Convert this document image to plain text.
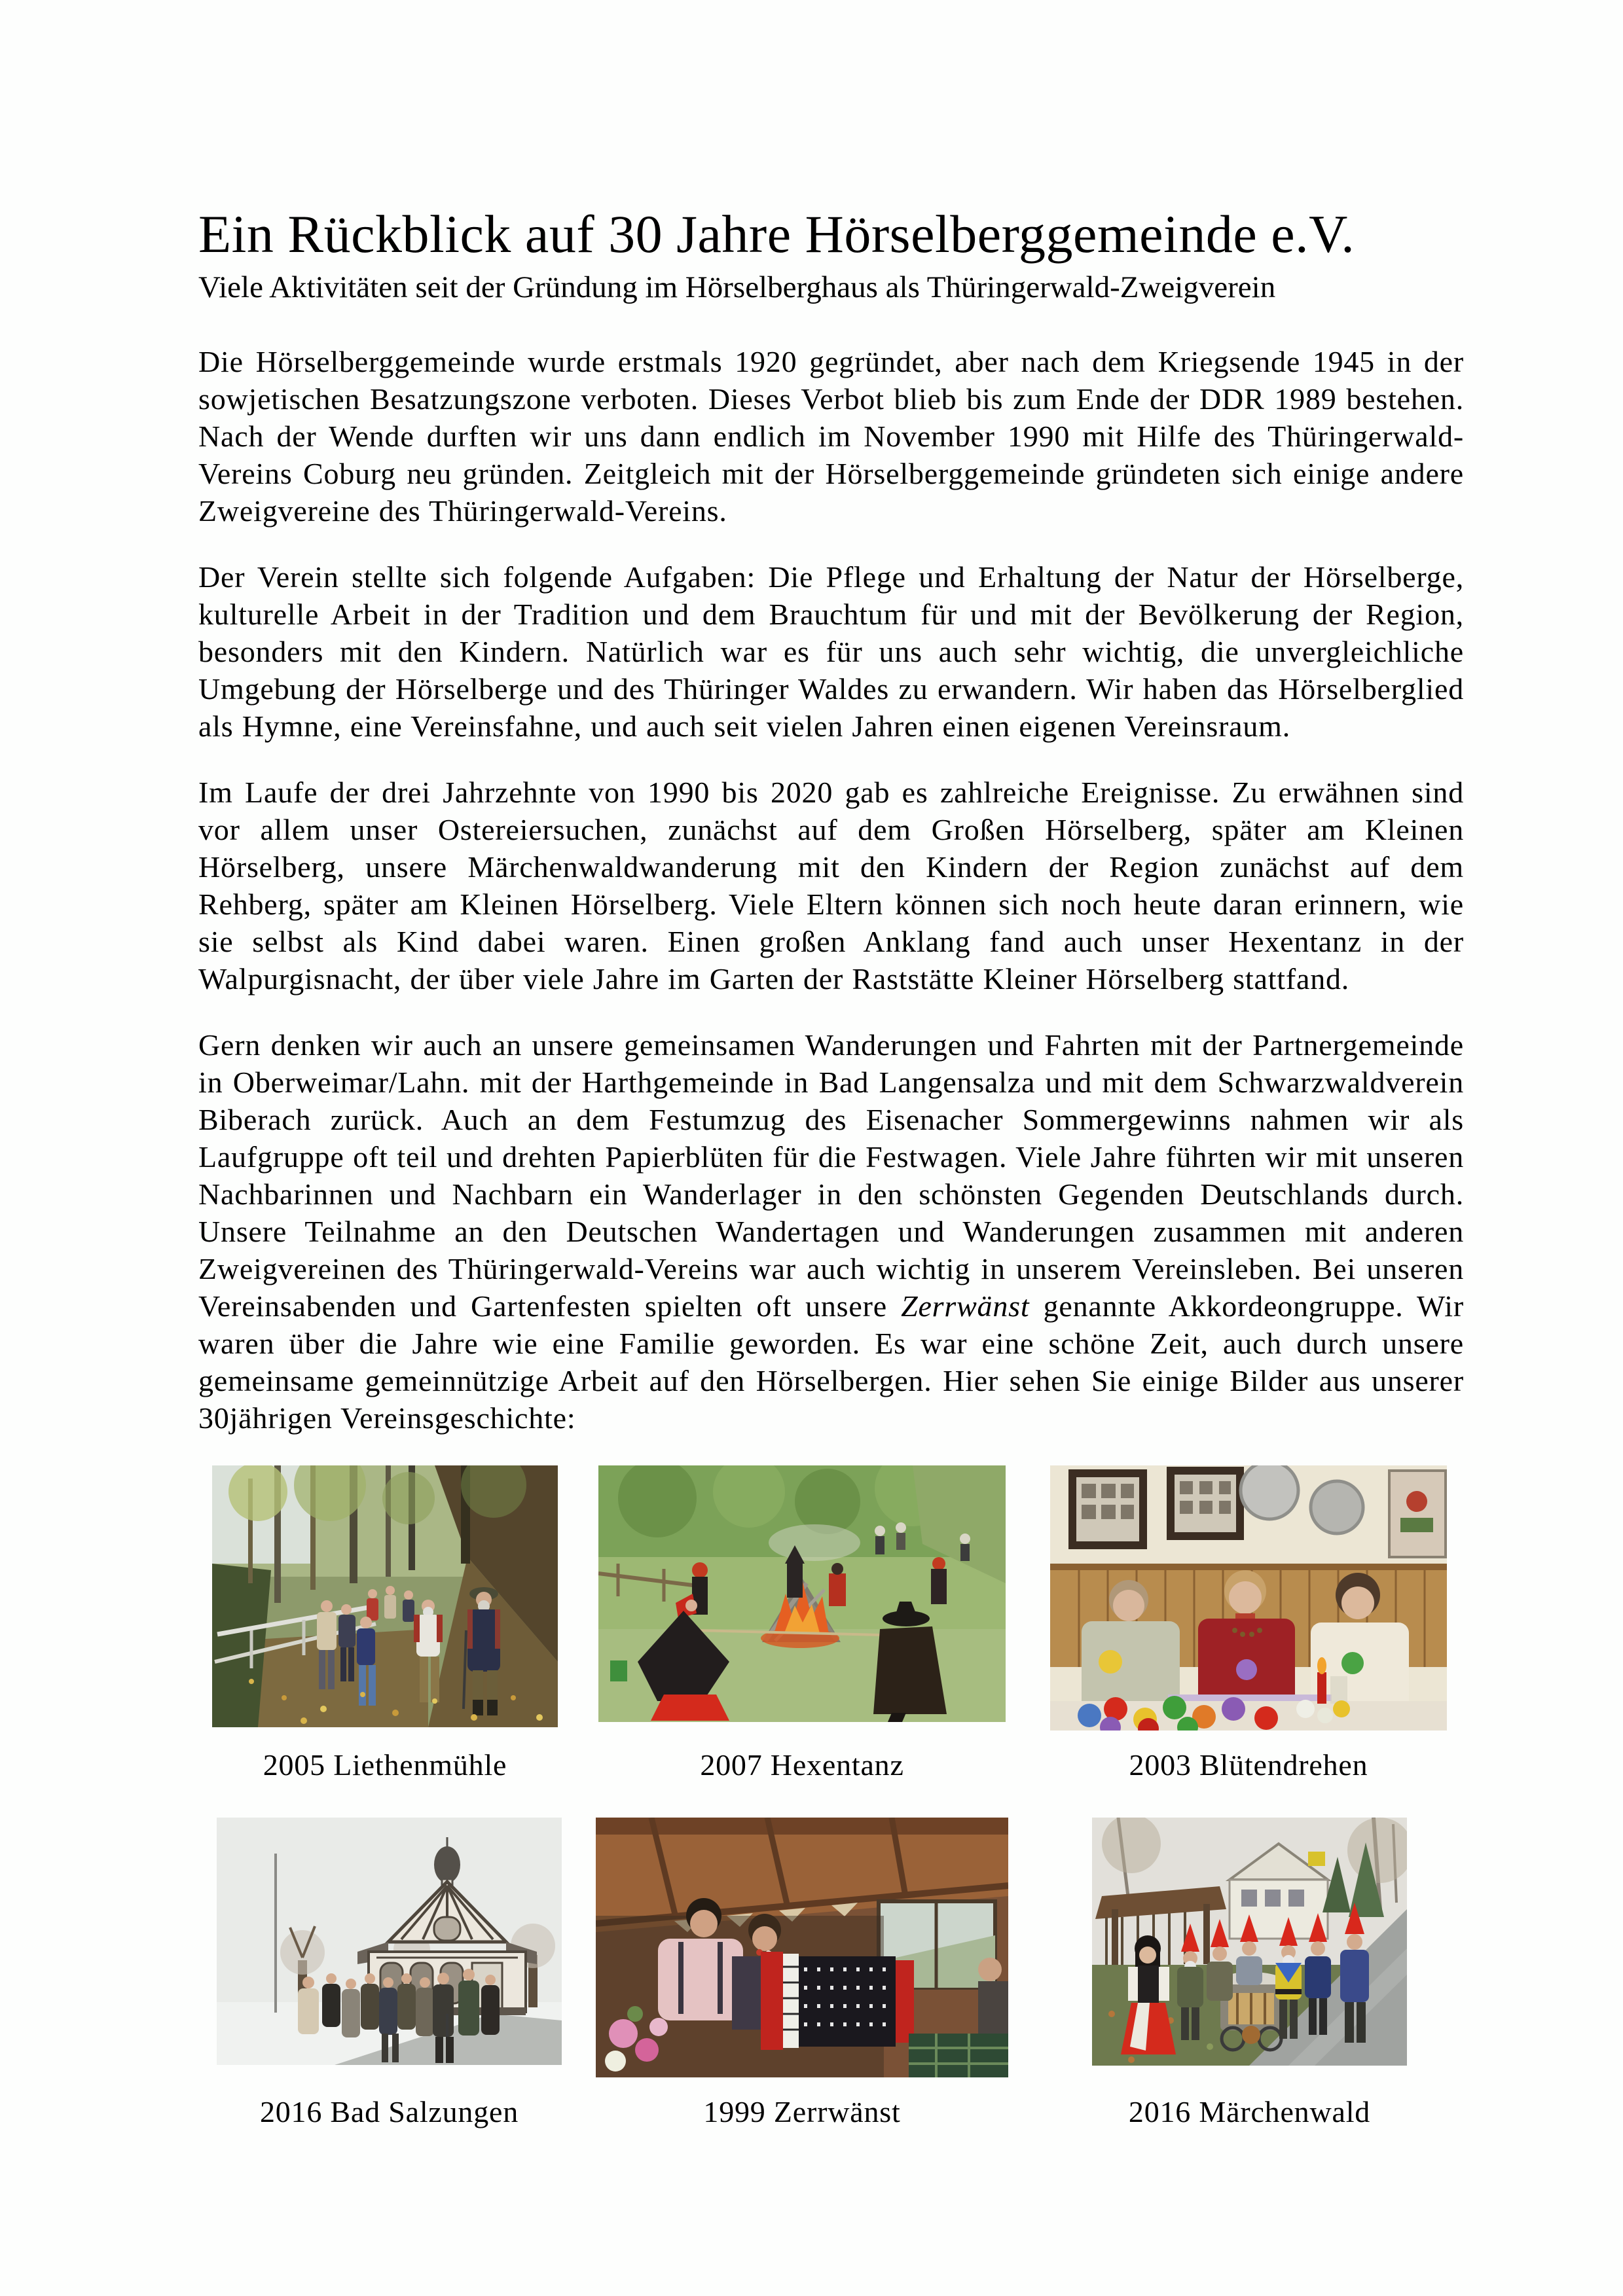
Ein Rückblick auf 30 Jahre Hörselberggemeinde e.V.
Viele Aktivitäten seit der Gründung im Hörselberghaus als Thüringerwald-Zweigverein

Die Hörselberggemeinde wurde erstmals 1920 gegründet, aber nach dem Kriegsende 1945 in der sowjetischen Besatzungszone verboten. Dieses Verbot blieb bis zum Ende der DDR 1989 bestehen. Nach der Wende durften wir uns dann endlich im November 1990 mit Hilfe des Thüringerwald-Vereins Coburg neu gründen. Zeitgleich mit der Hörselberggemeinde gründeten sich einige andere Zweigvereine des Thüringerwald-Vereins.

Der Verein stellte sich folgende Aufgaben: Die Pflege und Erhaltung der Natur der Hörselberge, kulturelle Arbeit in der Tradition und dem Brauchtum für und mit der Bevölkerung der Region, besonders mit den Kindern. Natürlich war es für uns auch sehr wichtig, die unvergleichliche Umgebung der Hörselberge und des Thüringer Waldes zu erwandern. Wir haben das Hörselberglied als Hymne, eine Vereinsfahne, und auch seit vielen Jahren einen eigenen Vereinsraum.

Im Laufe der drei Jahrzehnte von 1990 bis 2020 gab es zahlreiche Ereignisse. Zu erwähnen sind vor allem unser Ostereiersuchen, zunächst auf dem Großen Hörselberg, später am Kleinen Hörselberg, unsere Märchenwaldwanderung mit den Kindern der Region zunächst auf dem Rehberg, später am Kleinen Hörselberg. Viele Eltern können sich noch heute daran erinnern, wie sie selbst als Kind dabei waren. Einen großen Anklang fand auch unser Hexentanz in der Walpurgisnacht, der über viele Jahre im Garten der Raststätte Kleiner Hörselberg stattfand.

Gern denken wir auch an unsere gemeinsamen Wanderungen und Fahrten mit der Partnergemeinde in Oberweimar/Lahn. mit der Harthgemeinde in Bad Langensalza und mit dem Schwarzwaldverein Biberach zurück. Auch an dem Festumzug des Eisenacher Sommergewinns nahmen wir als Laufgruppe oft teil und drehten Papierblüten für die Festwagen. Viele Jahre führten wir mit unseren Nachbarinnen und Nachbarn ein Wanderlager in den schönsten Gegenden Deutschlands durch. Unsere Teilnahme an den Deutschen Wandertagen und Wanderungen zusammen mit anderen Zweigvereinen des Thüringerwald-Vereins war auch wichtig in unserem Vereinsleben. Bei unseren Vereinsabenden und Gartenfesten spielten oft unsere Zerrwänst genannte Akkordeongruppe. Wir waren über die Jahre wie eine Familie geworden. Es war eine schöne Zeit, auch durch unsere gemeinsame gemeinnützige Arbeit auf den Hörselbergen. Hier sehen Sie einige Bilder aus unserer 30jährigen Vereinsgeschichte:

2005 Liethenmühle	2007 Hexentanz	2003 Blütendrehen
2016 Bad Salzungen	1999 Zerrwänst	2016 Märchenwald
